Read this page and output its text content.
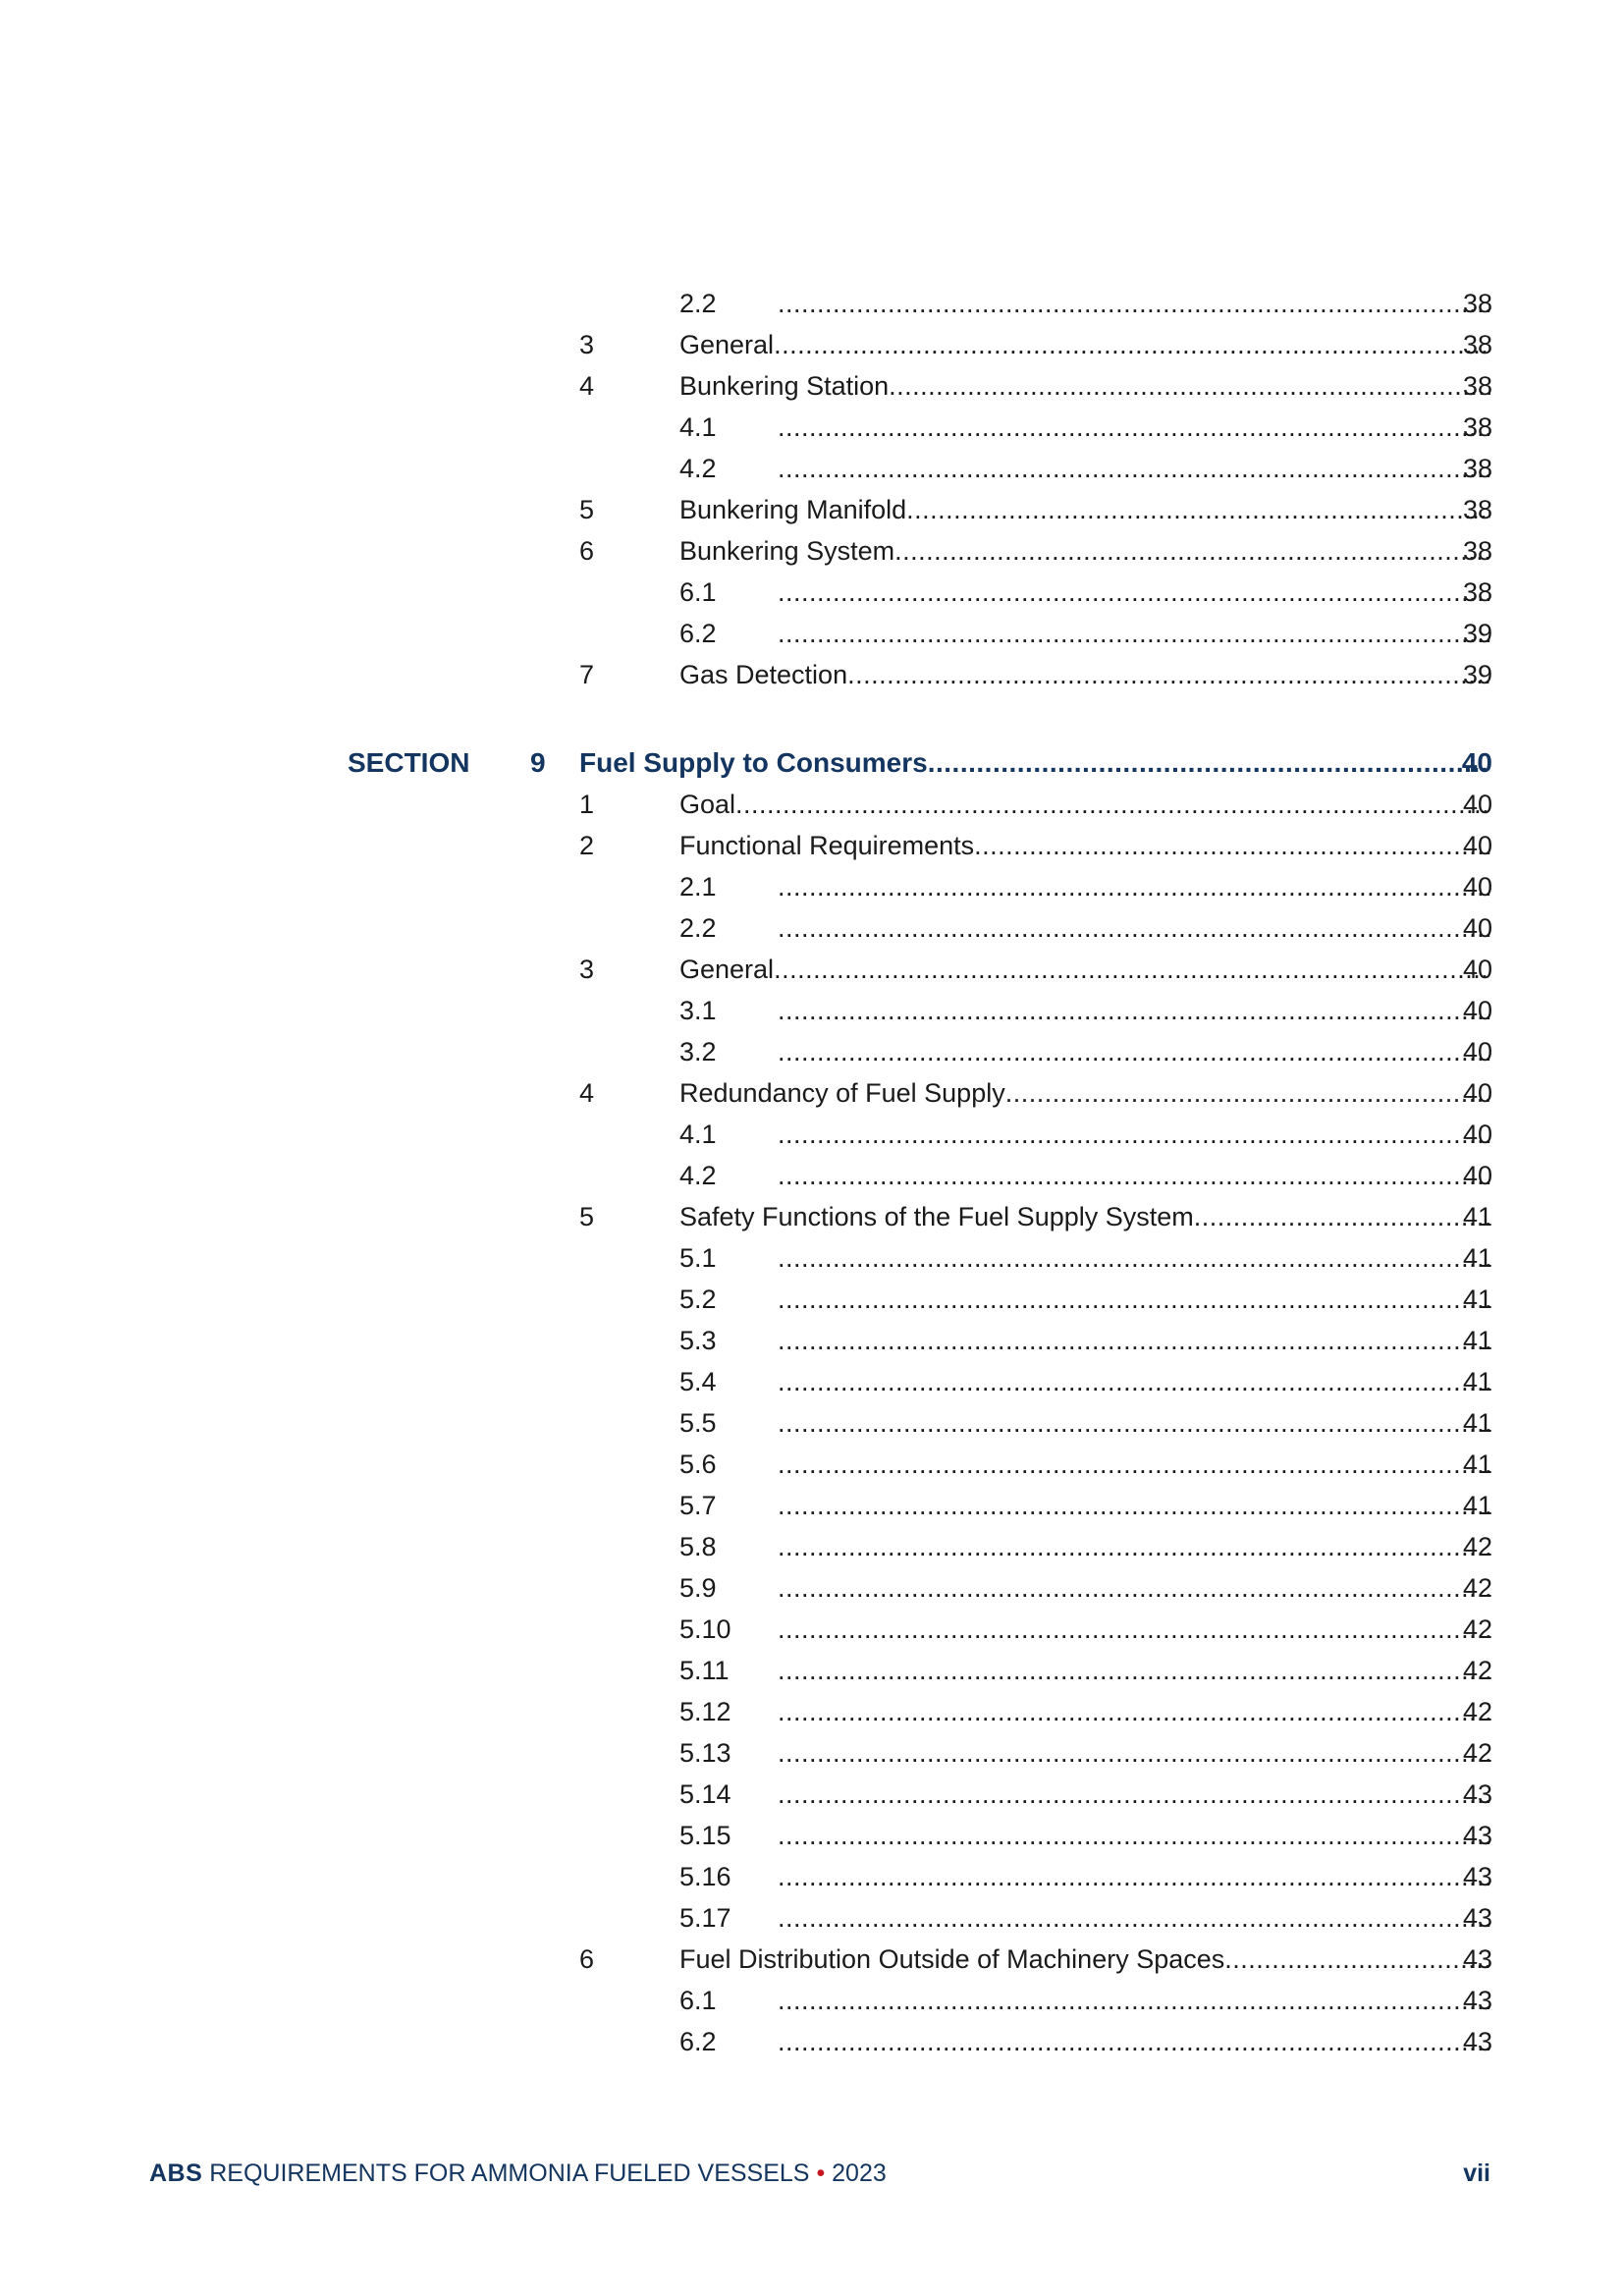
2.2 .....	38
3	General .....	38
4	Bunkering Station .....	38
4.1 .....	38
4.2 .....	38
5	Bunkering Manifold .....	38
6	Bunkering System .....	38
6.1 .....	38
6.2 .....	39
7	Gas Detection .....	39
SECTION 9 Fuel Supply to Consumers .....	40
1	Goal .....	40
2	Functional Requirements .....	40
2.1 .....	40
2.2 .....	40
3	General .....	40
3.1 .....	40
3.2 .....	40
4	Redundancy of Fuel Supply .....	40
4.1 .....	40
4.2 .....	40
5	Safety Functions of the Fuel Supply System .....	41
5.1 .....	41
5.2 .....	41
5.3 .....	41
5.4 .....	41
5.5 .....	41
5.6 .....	41
5.7 .....	41
5.8 .....	42
5.9 .....	42
5.10 .....	42
5.11 .....	42
5.12 .....	42
5.13 .....	42
5.14 .....	43
5.15 .....	43
5.16 .....	43
5.17 .....	43
6	Fuel Distribution Outside of Machinery Spaces .....	43
6.1 .....	43
6.2 .....	43
ABS REQUIREMENTS FOR AMMONIA FUELED VESSELS • 2023	vii
